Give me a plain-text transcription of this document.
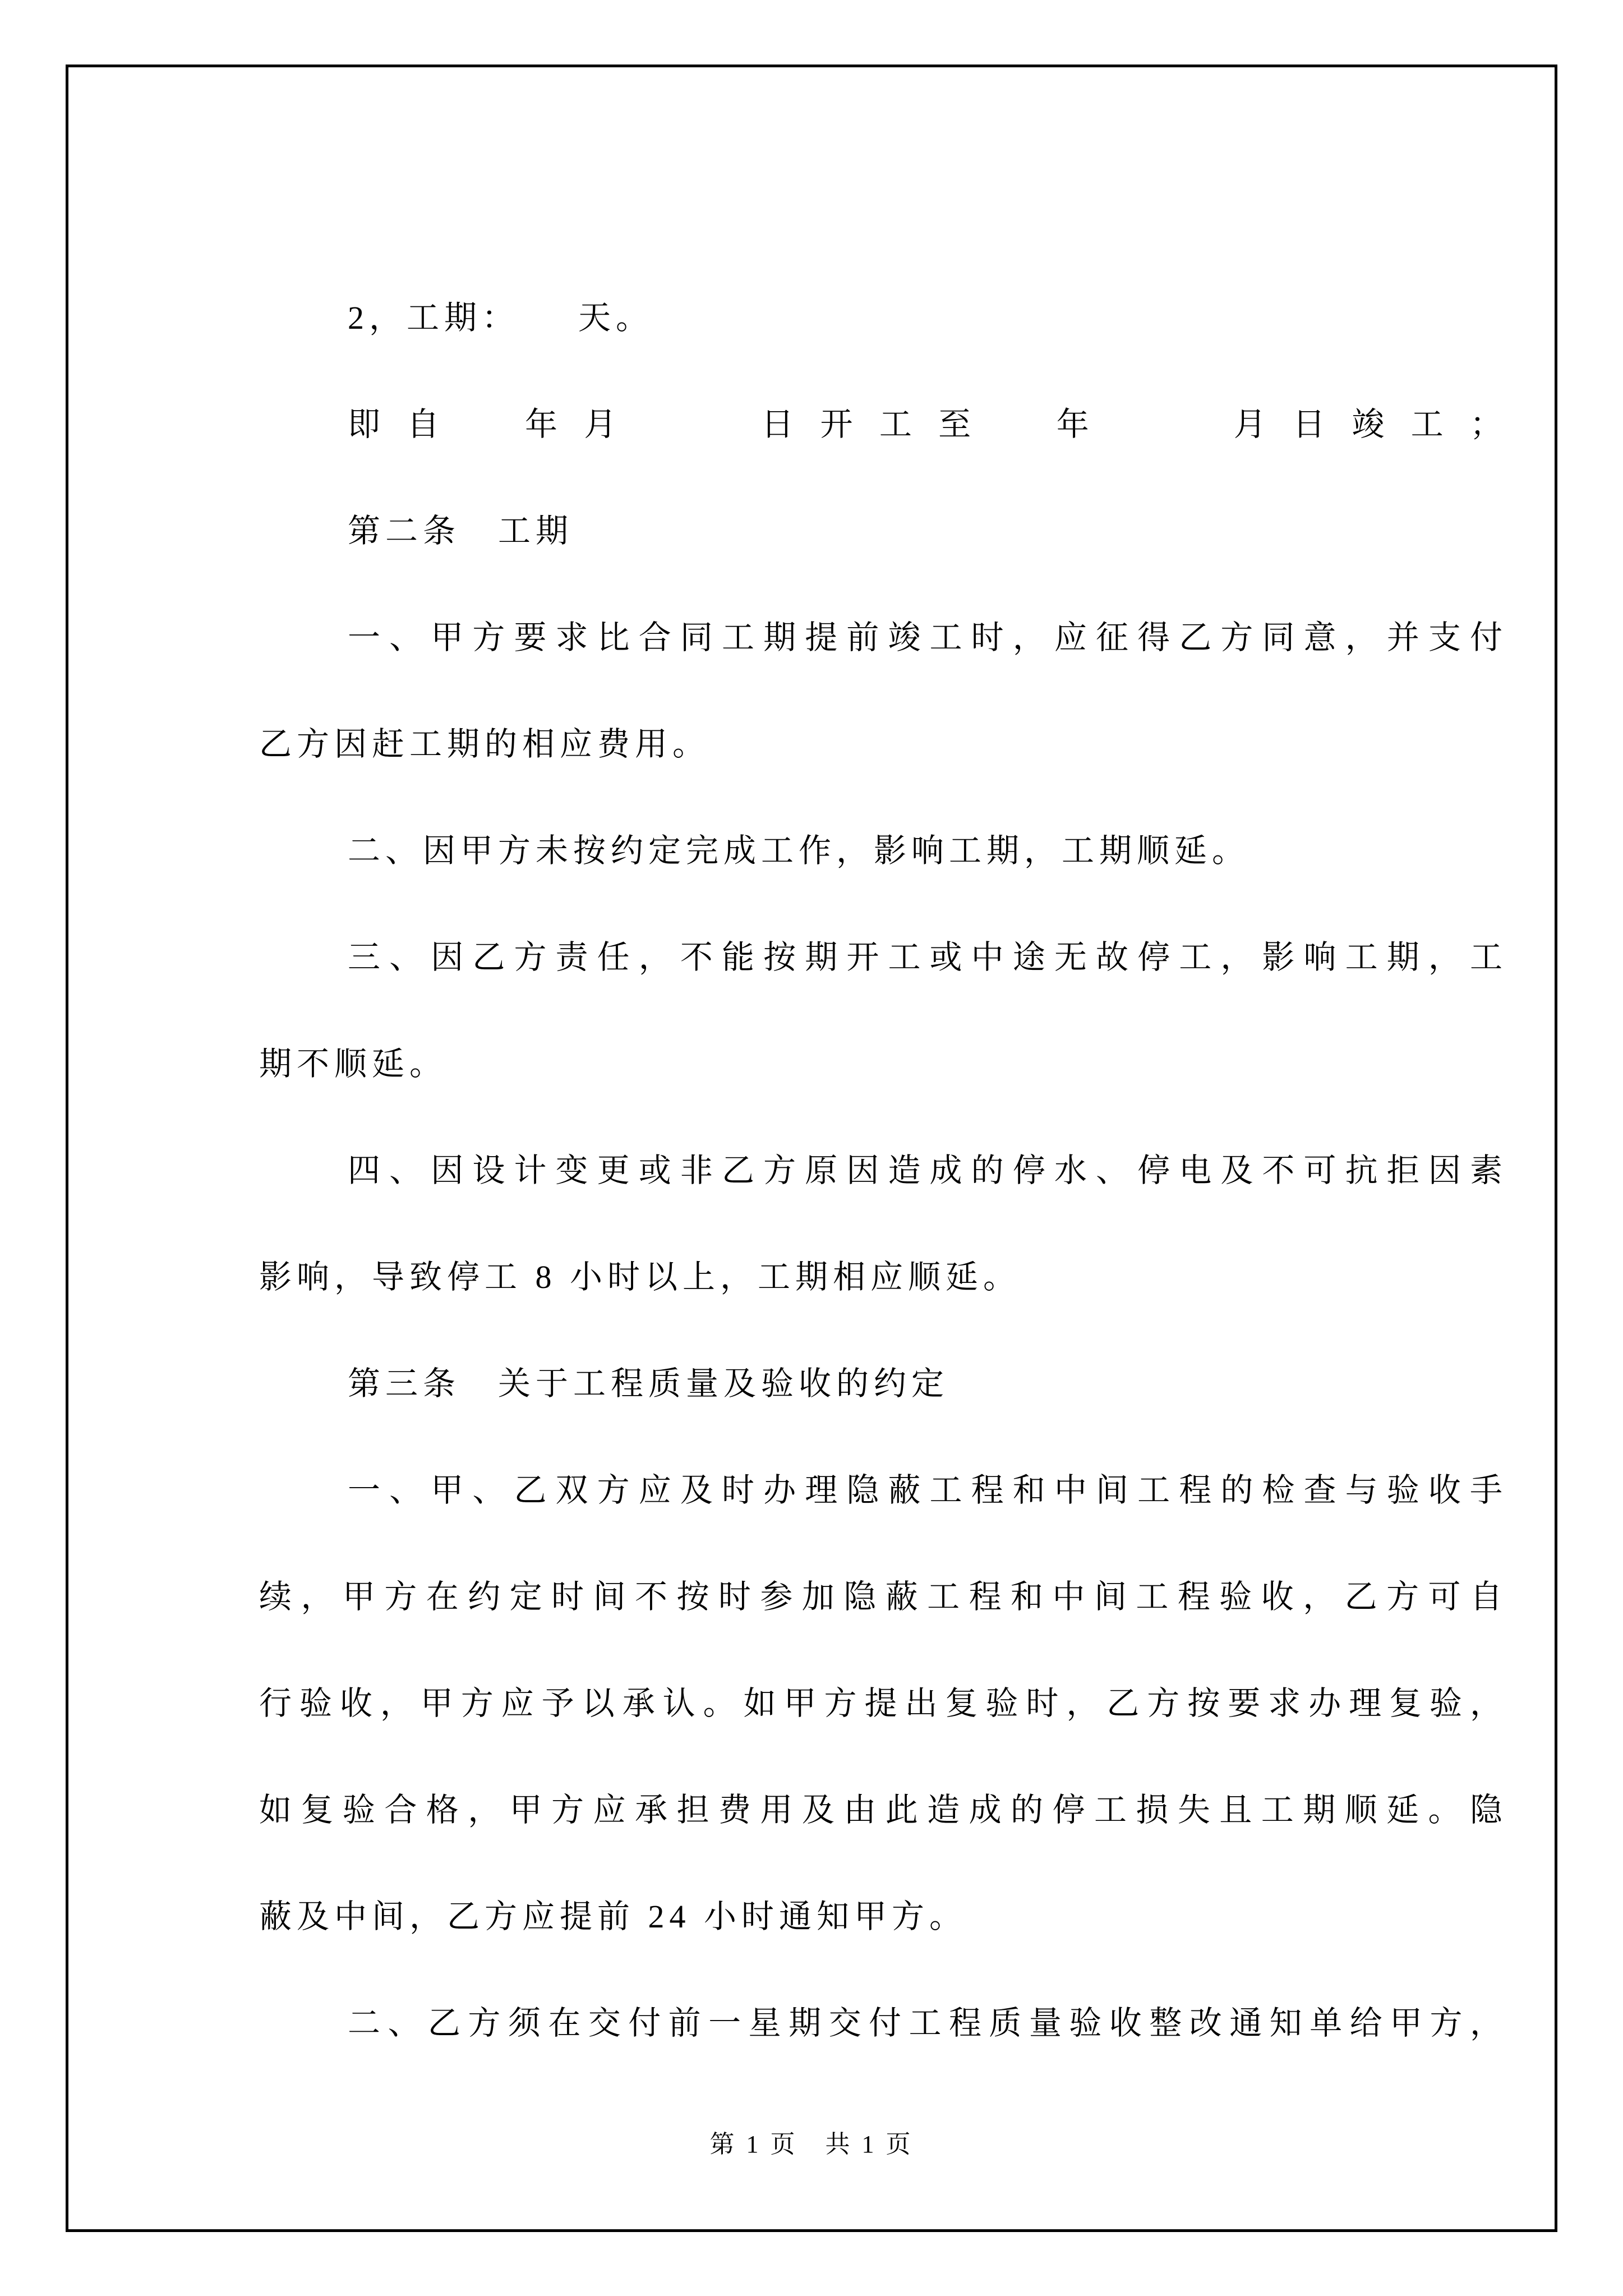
2，工期：　　天。
即自　年月　　日开工至　年　　月日竣工；
第二条　工期
一、甲方要求比合同工期提前竣工时，应征得乙方同意，并支付
乙方因赶工期的相应费用。
二、因甲方未按约定完成工作，影响工期，工期顺延。
三、因乙方责任，不能按期开工或中途无故停工，影响工期，工
期不顺延。
四、因设计变更或非乙方原因造成的停水、停电及不可抗拒因素
影响，导致停工 8 小时以上，工期相应顺延。
第三条　关于工程质量及验收的约定
一、甲、乙双方应及时办理隐蔽工程和中间工程的检查与验收手
续，甲方在约定时间不按时参加隐蔽工程和中间工程验收，乙方可自
行验收，甲方应予以承认。如甲方提出复验时，乙方按要求办理复验，
如复验合格，甲方应承担费用及由此造成的停工损失且工期顺延。隐
蔽及中间，乙方应提前 24 小时通知甲方。
二、乙方须在交付前一星期交付工程质量验收整改通知单给甲方，
第 1 页　共 1 页
